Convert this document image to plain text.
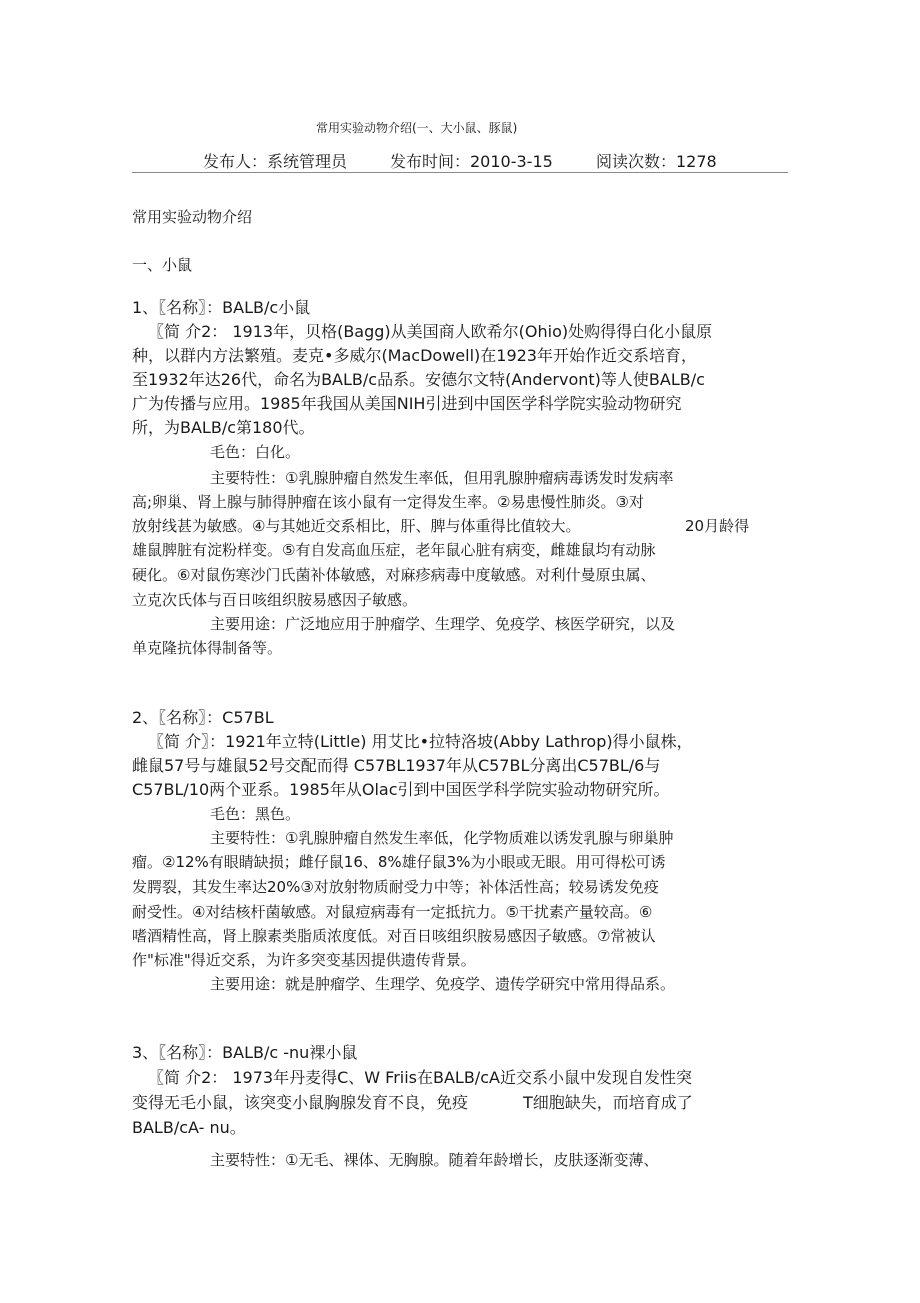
常用实验动物介绍(一、大小鼠、豚鼠)
发布人：系统管理员	发布时间：2010-3-15	阅读次数：1278
常用实验动物介绍
一、小鼠
1、〖名称〗：BALB/c小鼠
〖简 介2： 1913年，贝格(Bagg)从美国商人欧希尔(Ohio)处购得得白化小鼠原
种，以群内方法繁殖。麦克•多威尔(MacDowell)在1923年开始作近交系培育，
至1932年达26代，命名为BALB/c品系。安德尔文特(Andervont)等人使BALB/c
广为传播与应用。1985年我国从美国NIH引进到中国医学科学院实验动物研究
所，为BALB/c第180代。
毛色：白化。
主要特性：①乳腺肿瘤自然发生率低，但用乳腺肿瘤病毒诱发时发病率
高;卵巢、肾上腺与肺得肿瘤在该小鼠有一定得发生率。②易患慢性肺炎。③对
放射线甚为敏感。④与其她近交系相比，肝、脾与体重得比值较大。	20月龄得
雄鼠脾脏有淀粉样变。⑤有自发高血压症，老年鼠心脏有病变，雌雄鼠均有动脉
硬化。⑥对鼠伤寒沙门氏菌补体敏感，对麻疹病毒中度敏感。对利什曼原虫属、
立克次氏体与百日咳组织胺易感因子敏感。
主要用途：广泛地应用于肿瘤学、生理学、免疫学、核医学研究，以及
单克隆抗体得制备等。
2、〖名称〗：C57BL
〖简 介〗：1921年立特(Little) 用艾比•拉特洛坡(Abby Lathrop)得小鼠株，
雌鼠57号与雄鼠52号交配而得 C57BL1937年从C57BL分离出C57BL/6与
C57BL/10两个亚系。1985年从Olac引到中国医学科学院实验动物研究所。
毛色：黑色。
主要特性：①乳腺肿瘤自然发生率低，化学物质难以诱发乳腺与卵巢肿
瘤。②12%有眼睛缺损；雌仔鼠16、8%雄仔鼠3%为小眼或无眼。用可得松可诱
发腭裂，其发生率达20%③对放射物质耐受力中等；补体活性高；较易诱发免疫
耐受性。④对结核杆菌敏感。对鼠痘病毒有一定抵抗力。⑤干扰素产量较高。⑥
嗜酒精性高，肾上腺素类脂质浓度低。对百日咳组织胺易感因子敏感。⑦常被认
作"标准"得近交系，为许多突变基因提供遗传背景。
主要用途：就是肿瘤学、生理学、免疫学、遗传学研究中常用得品系。
3、〖名称〗：BALB/c -nu裸小鼠
〖简 介2： 1973年丹麦得C、W Friis在BALB/cA近交系小鼠中发现自发性突
变得无毛小鼠，该突变小鼠胸腺发育不良，免疫	T细胞缺失，而培育成了
BALB/cA- nu。
主要特性：①无毛、裸体、无胸腺。随着年龄增长，皮肤逐渐变薄、
